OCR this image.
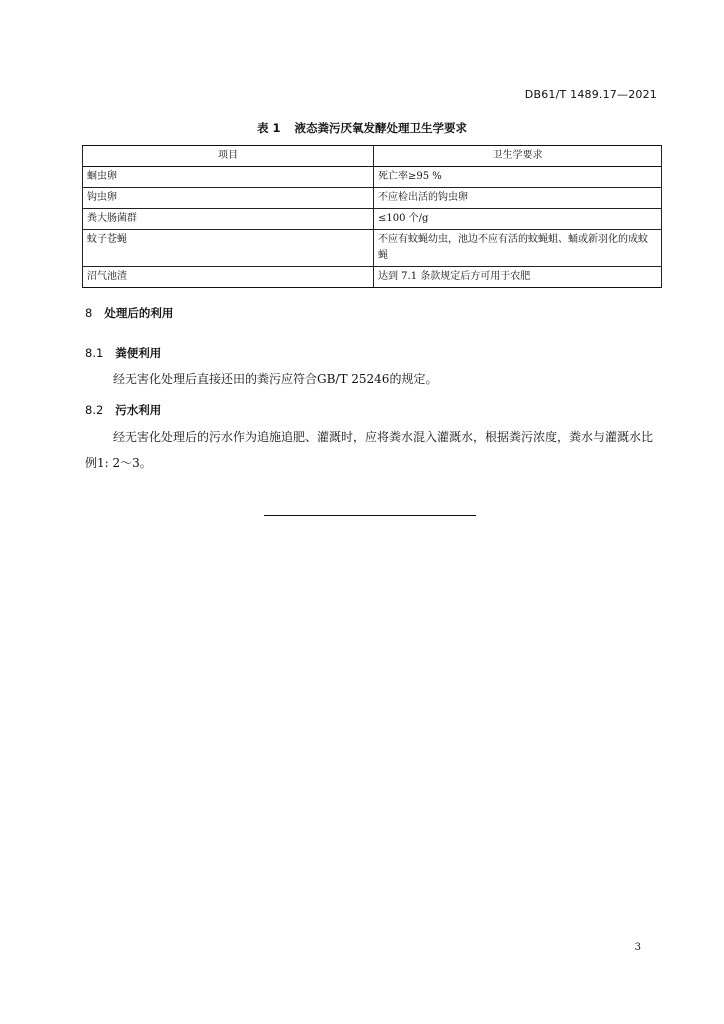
DB61/T 1489.17—2021
表 1 液态粪污厌氧发酵处理卫生学要求
项目	卫生学要求
蛔虫卵	死亡率≥95 %
钩虫卵	不应检出活的钩虫卵
粪大肠菌群	≤100 个/g
蚊子苍蝇	不应有蚊蝇幼虫，池边不应有活的蚊蝇蛆、蛹或新羽化的成蚊蝇
沼气池渣	达到 7.1 条款规定后方可用于农肥
8 处理后的利用
8.1 粪便利用
经无害化处理后直接还田的粪污应符合GB/T 25246的规定。
8.2 污水利用
经无害化处理后的污水作为追施追肥、灌溉时，应将粪水混入灌溉水，根据粪污浓度，粪水与灌溉水比例1: 2～3。
3
